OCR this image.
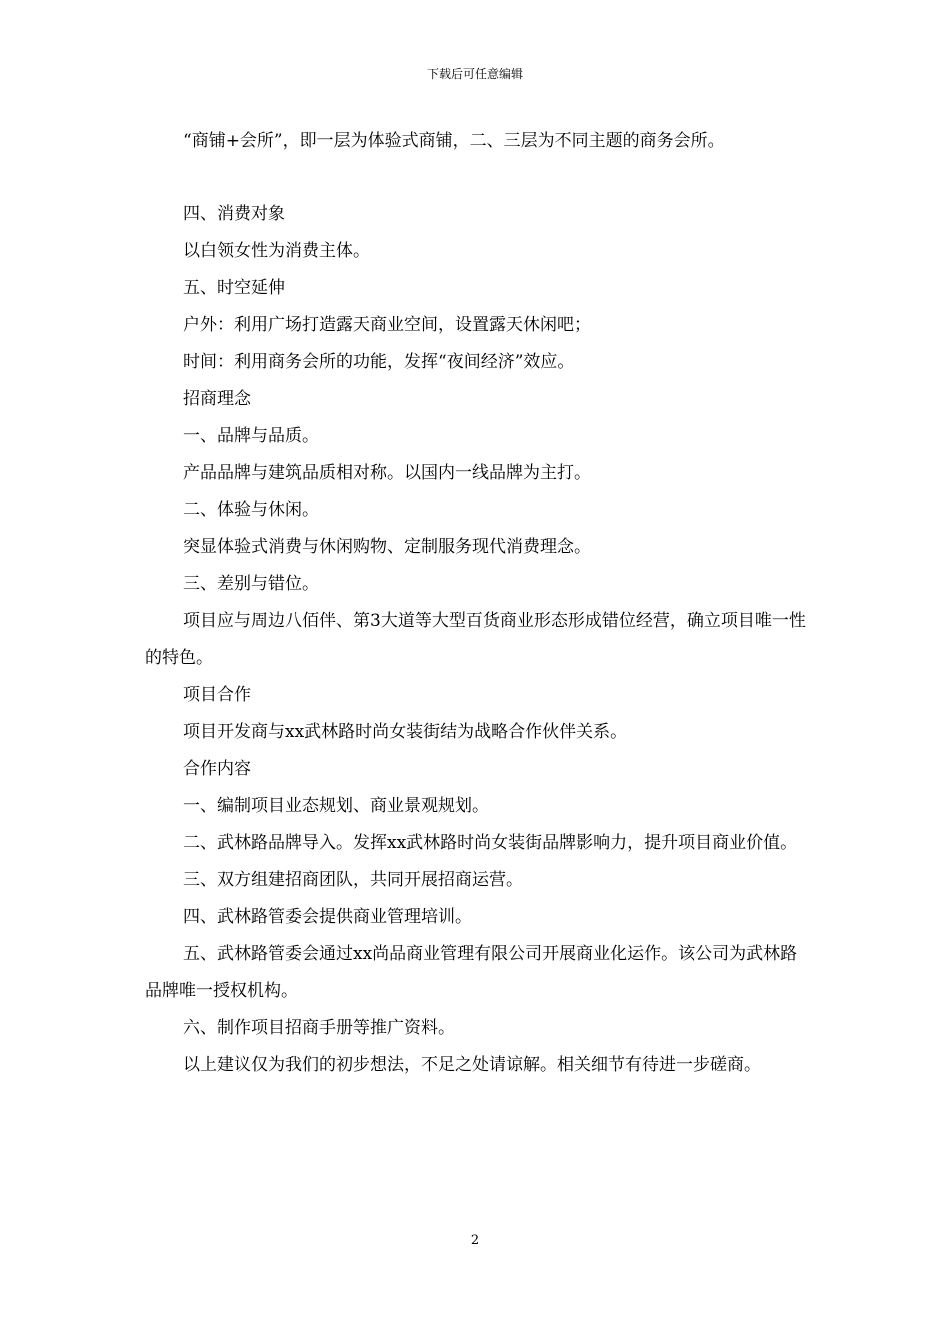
下载后可任意编辑

“商铺+会所”，即一层为体验式商铺，二、三层为不同主题的商务会所。

四、消费对象

以白领女性为消费主体。

五、时空延伸

户外：利用广场打造露天商业空间，设置露天休闲吧；

时间：利用商务会所的功能，发挥“夜间经济”效应。

招商理念

一、品牌与品质。

产品品牌与建筑品质相对称。以国内一线品牌为主打。

二、体验与休闲。

突显体验式消费与休闲购物、定制服务现代消费理念。

三、差别与错位。

项目应与周边八佰伴、第3大道等大型百货商业形态形成错位经营，确立项目唯一性的特色。

项目合作

项目开发商与xx武林路时尚女装街结为战略合作伙伴关系。

合作内容

一、编制项目业态规划、商业景观规划。

二、武林路品牌导入。发挥xx武林路时尚女装街品牌影响力，提升项目商业价值。

三、双方组建招商团队，共同开展招商运营。

四、武林路管委会提供商业管理培训。

五、武林路管委会通过xx尚品商业管理有限公司开展商业化运作。该公司为武林路品牌唯一授权机构。

六、制作项目招商手册等推广资料。

以上建议仅为我们的初步想法，不足之处请谅解。相关细节有待进一步磋商。

2
